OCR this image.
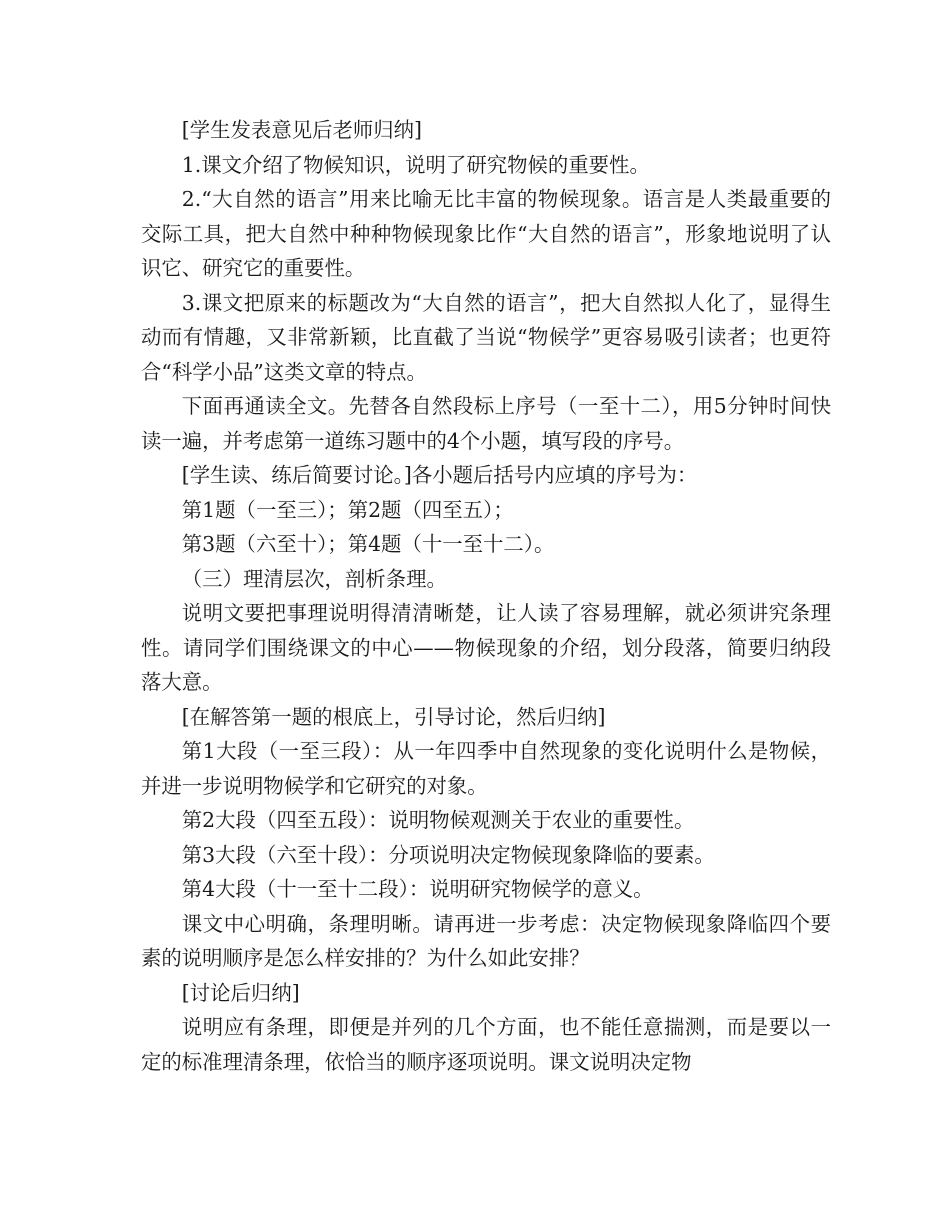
[学生发表意见后老师归纳]

1.课文介绍了物候知识，说明了研究物候的重要性。

2.“大自然的语言”用来比喻无比丰富的物候现象。语言是人类最重要的交际工具，把大自然中种种物候现象比作“大自然的语言”，形象地说明了认识它、研究它的重要性。

3.课文把原来的标题改为“大自然的语言”，把大自然拟人化了，显得生动而有情趣，又非常新颖，比直截了当说“物候学”更容易吸引读者；也更符合“科学小品”这类文章的特点。

下面再通读全文。先替各自然段标上序号（一至十二），用5分钟时间快读一遍，并考虑第一道练习题中的4个小题，填写段的序号。

[学生读、练后简要讨论。]各小题后括号内应填的序号为：

第1题（一至三）；第2题（四至五）；

第3题（六至十）；第4题（十一至十二）。

（三）理清层次，剖析条理。

说明文要把事理说明得清清晰楚，让人读了容易理解，就必须讲究条理性。请同学们围绕课文的中心——物候现象的介绍，划分段落，简要归纳段落大意。

[在解答第一题的根底上，引导讨论，然后归纳]

第1大段（一至三段）：从一年四季中自然现象的变化说明什么是物候，并进一步说明物候学和它研究的对象。

第2大段（四至五段）：说明物候观测关于农业的重要性。

第3大段（六至十段）：分项说明决定物候现象降临的要素。

第4大段（十一至十二段）：说明研究物候学的意义。

课文中心明确，条理明晰。请再进一步考虑：决定物候现象降临四个要素的说明顺序是怎么样安排的？为什么如此安排？

[讨论后归纳]

说明应有条理，即便是并列的几个方面，也不能任意揣测，而是要以一定的标准理清条理，依恰当的顺序逐项说明。课文说明决定物
